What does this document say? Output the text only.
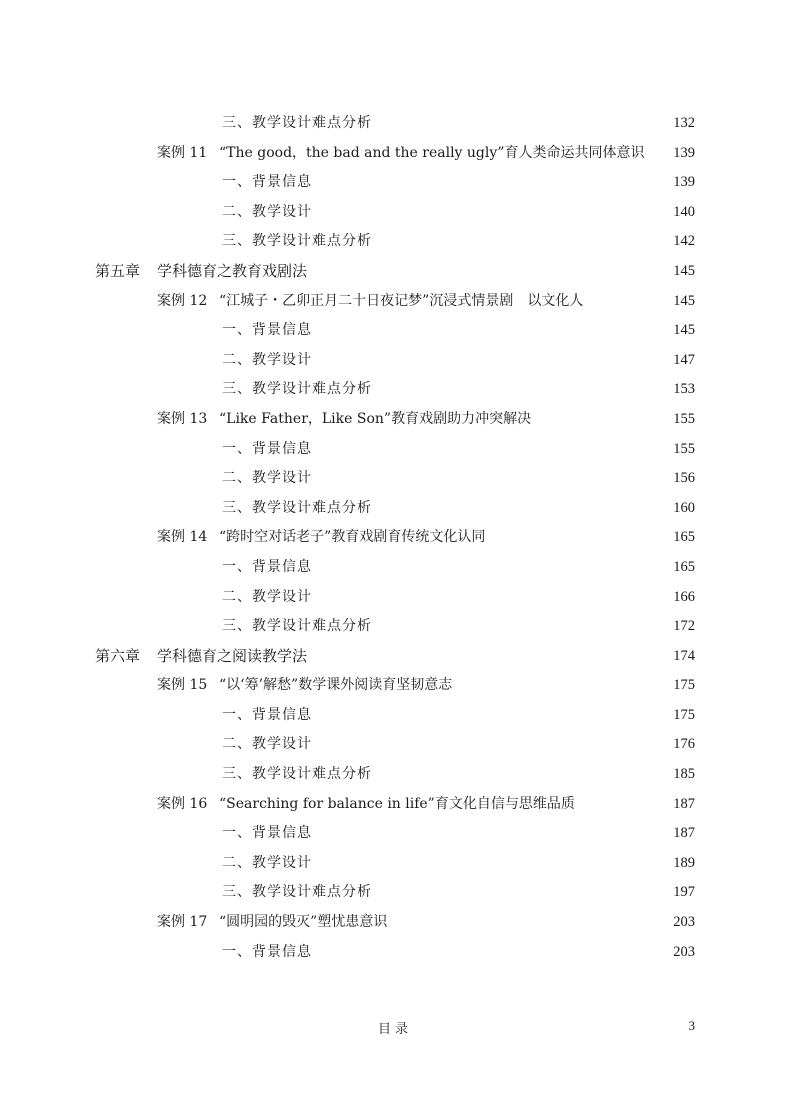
三、教学设计难点分析	132
案例 11 “The good，the bad and the really ugly”育人类命运共同体意识 139
一、背景信息	139
二、教学设计	140
三、教学设计难点分析	142
第五章 学科德育之教育戏剧法	145
案例 12 “江城子・乙卯正月二十日夜记梦”沉浸式情景剧　以文化人	145
一、背景信息	145
二、教学设计	147
三、教学设计难点分析	153
案例 13 “Like Father，Like Son”教育戏剧助力冲突解决	155
一、背景信息	155
二、教学设计	156
三、教学设计难点分析	160
案例 14 “跨时空对话老子”教育戏剧育传统文化认同	165
一、背景信息	165
二、教学设计	166
三、教学设计难点分析	172
第六章 学科德育之阅读教学法	174
案例 15 “以‘筹’解愁”数学课外阅读育坚韧意志	175
一、背景信息	175
二、教学设计	176
三、教学设计难点分析	185
案例 16 “Searching for balance in life”育文化自信与思维品质	187
一、背景信息	187
二、教学设计	189
三、教学设计难点分析	197
案例 17 “圆明园的毁灭”塑忧患意识	203
一、背景信息	203
目录	3
